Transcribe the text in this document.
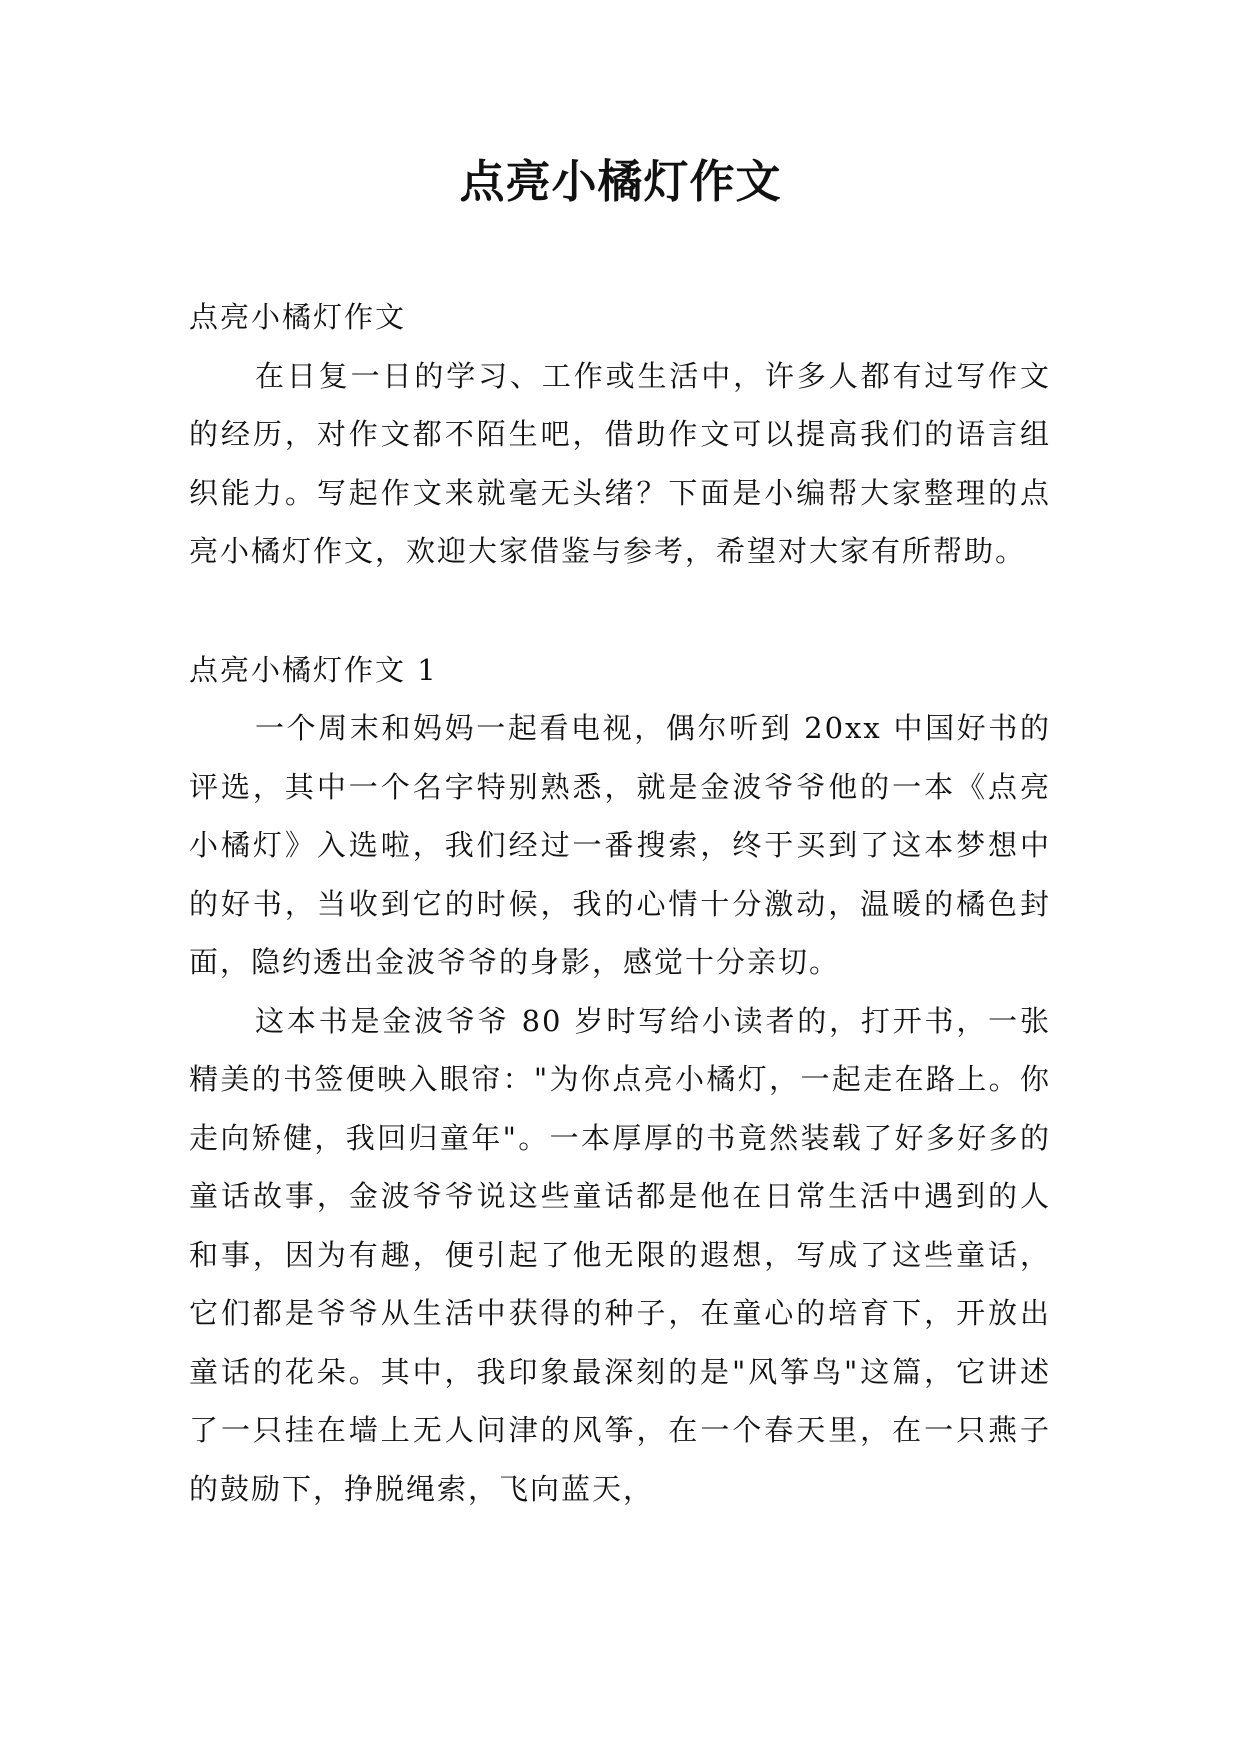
点亮小橘灯作文

点亮小橘灯作文

在日复一日的学习、工作或生活中，许多人都有过写作文的经历，对作文都不陌生吧，借助作文可以提高我们的语言组织能力。写起作文来就毫无头绪？下面是小编帮大家整理的点亮小橘灯作文，欢迎大家借鉴与参考，希望对大家有所帮助。

点亮小橘灯作文 1

一个周末和妈妈一起看电视，偶尔听到 20xx 中国好书的评选，其中一个名字特别熟悉，就是金波爷爷他的一本《点亮小橘灯》入选啦，我们经过一番搜索，终于买到了这本梦想中的好书，当收到它的时候，我的心情十分激动，温暖的橘色封面，隐约透出金波爷爷的身影，感觉十分亲切。

这本书是金波爷爷 80 岁时写给小读者的，打开书，一张精美的书签便映入眼帘："为你点亮小橘灯，一起走在路上。你走向矫健，我回归童年"。一本厚厚的书竟然装载了好多好多的童话故事，金波爷爷说这些童话都是他在日常生活中遇到的人和事，因为有趣，便引起了他无限的遐想，写成了这些童话，它们都是爷爷从生活中获得的种子，在童心的培育下，开放出童话的花朵。其中，我印象最深刻的是"风筝鸟"这篇，它讲述了一只挂在墙上无人问津的风筝，在一个春天里，在一只燕子的鼓励下，挣脱绳索，飞向蓝天，
